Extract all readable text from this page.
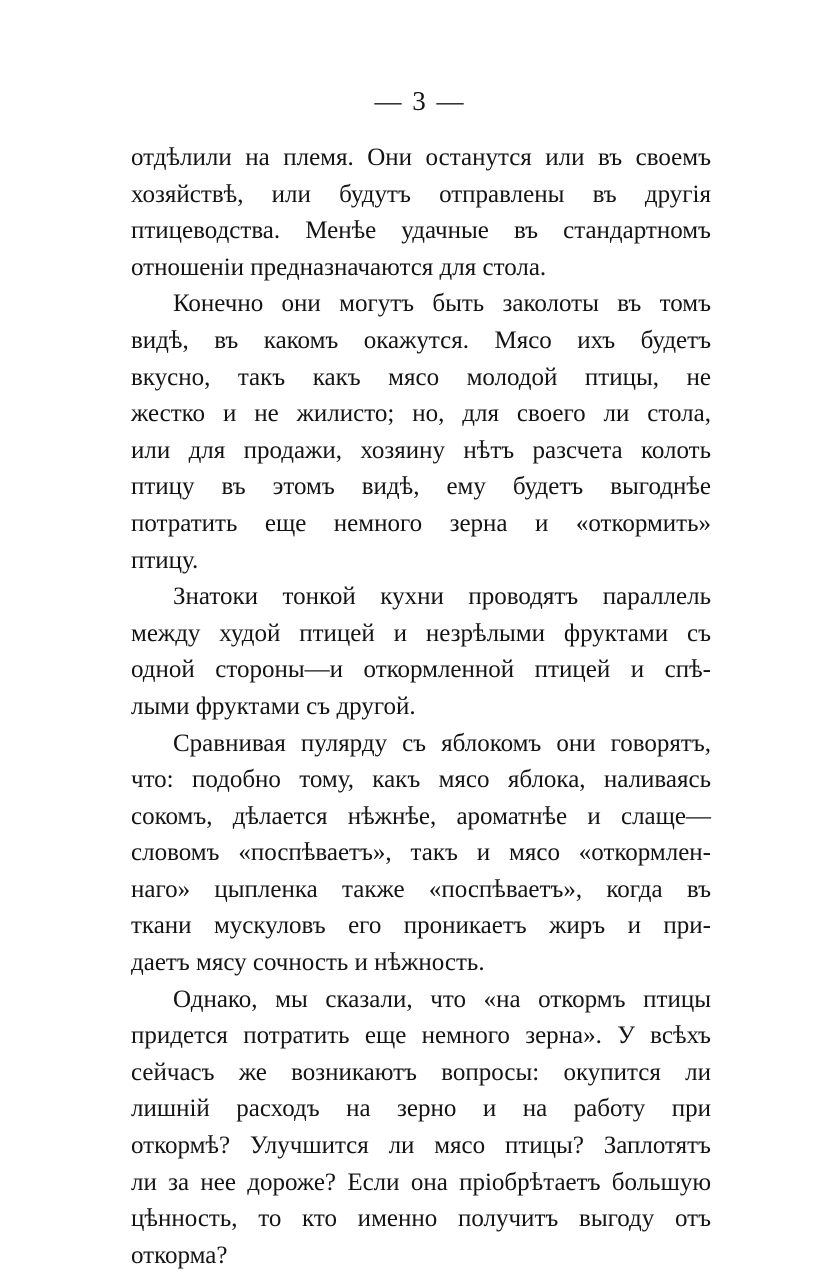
— 3 —
отдѣлили на племя. Они останутся или въ своемъ
хозяйствѣ, или будутъ отправлены въ другія
птицеводства. Менѣе удачные въ стандартномъ
отношеніи предназначаются для стола.
Конечно они могутъ быть заколоты въ томъ
видѣ, въ какомъ окажутся. Мясо ихъ будетъ
вкусно, такъ какъ мясо молодой птицы, не
жестко и не жилисто; но, для своего ли стола,
или для продажи, хозяину нѣтъ разсчета колоть
птицу въ этомъ видѣ, ему будетъ выгоднѣе
потратить еще немного зерна и «откормить»
птицу.
Знатоки тонкой кухни проводятъ параллель
между худой птицей и незрѣлыми фруктами съ
одной стороны—и откормленной птицей и спѣ-
лыми фруктами съ другой.
Сравнивая пулярду съ яблокомъ они говорятъ,
что: подобно тому, какъ мясо яблока, наливаясь
сокомъ, дѣлается нѣжнѣе, ароматнѣе и слаще—
словомъ «поспѣваетъ», такъ и мясо «откормлен-
наго» цыпленка также «поспѣваетъ», когда въ
ткани мускуловъ его проникаетъ жиръ и при-
даетъ мясу сочность и нѣжность.
Однако, мы сказали, что «на откормъ птицы
придется потратить еще немного зерна». У всѣхъ
сейчасъ же возникаютъ вопросы: окупится ли
лишній расходъ на зерно и на работу при
откормѣ? Улучшится ли мясо птицы? Заплотятъ
ли за нее дороже? Если она пріобрѣтаетъ большую
цѣнность, то кто именно получитъ выгоду отъ
откорма?
